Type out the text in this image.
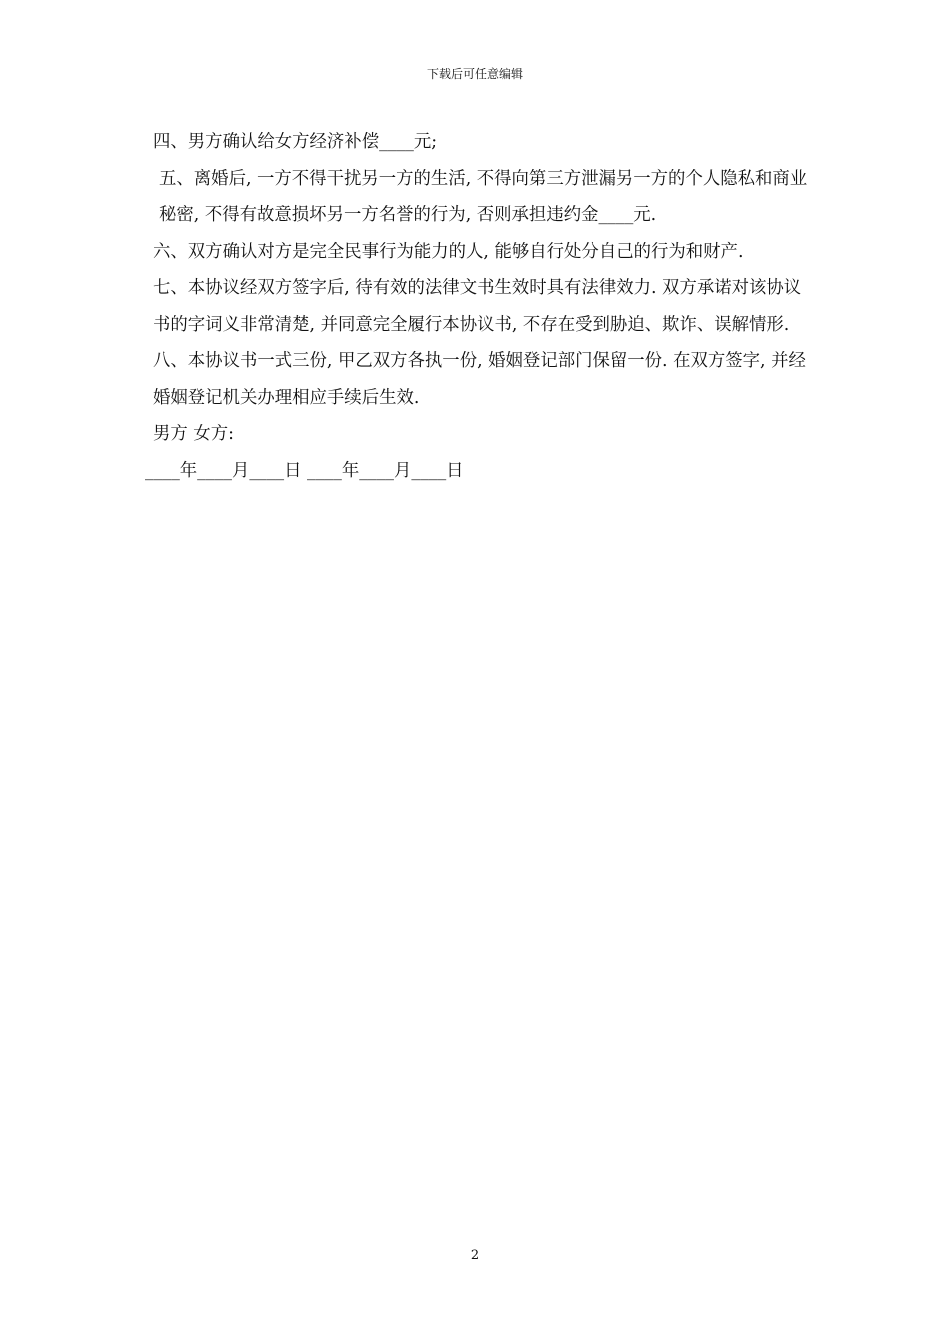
下载后可任意编辑

四、男方确认给女方经济补偿____元;

五、离婚后, 一方不得干扰另一方的生活, 不得向第三方泄漏另一方的个人隐私和商业秘密, 不得有故意损坏另一方名誉的行为, 否则承担违约金____元.

六、双方确认对方是完全民事行为能力的人, 能够自行处分自己的行为和财产.

七、本协议经双方签字后, 待有效的法律文书生效时具有法律效力. 双方承诺对该协议书的字词义非常清楚, 并同意完全履行本协议书, 不存在受到胁迫、欺诈、误解情形.

八、本协议书一式三份, 甲乙双方各执一份, 婚姻登记部门保留一份. 在双方签字, 并经婚姻登记机关办理相应手续后生效.

男方 女方:

____年____月____日 ____年____月____日

2
